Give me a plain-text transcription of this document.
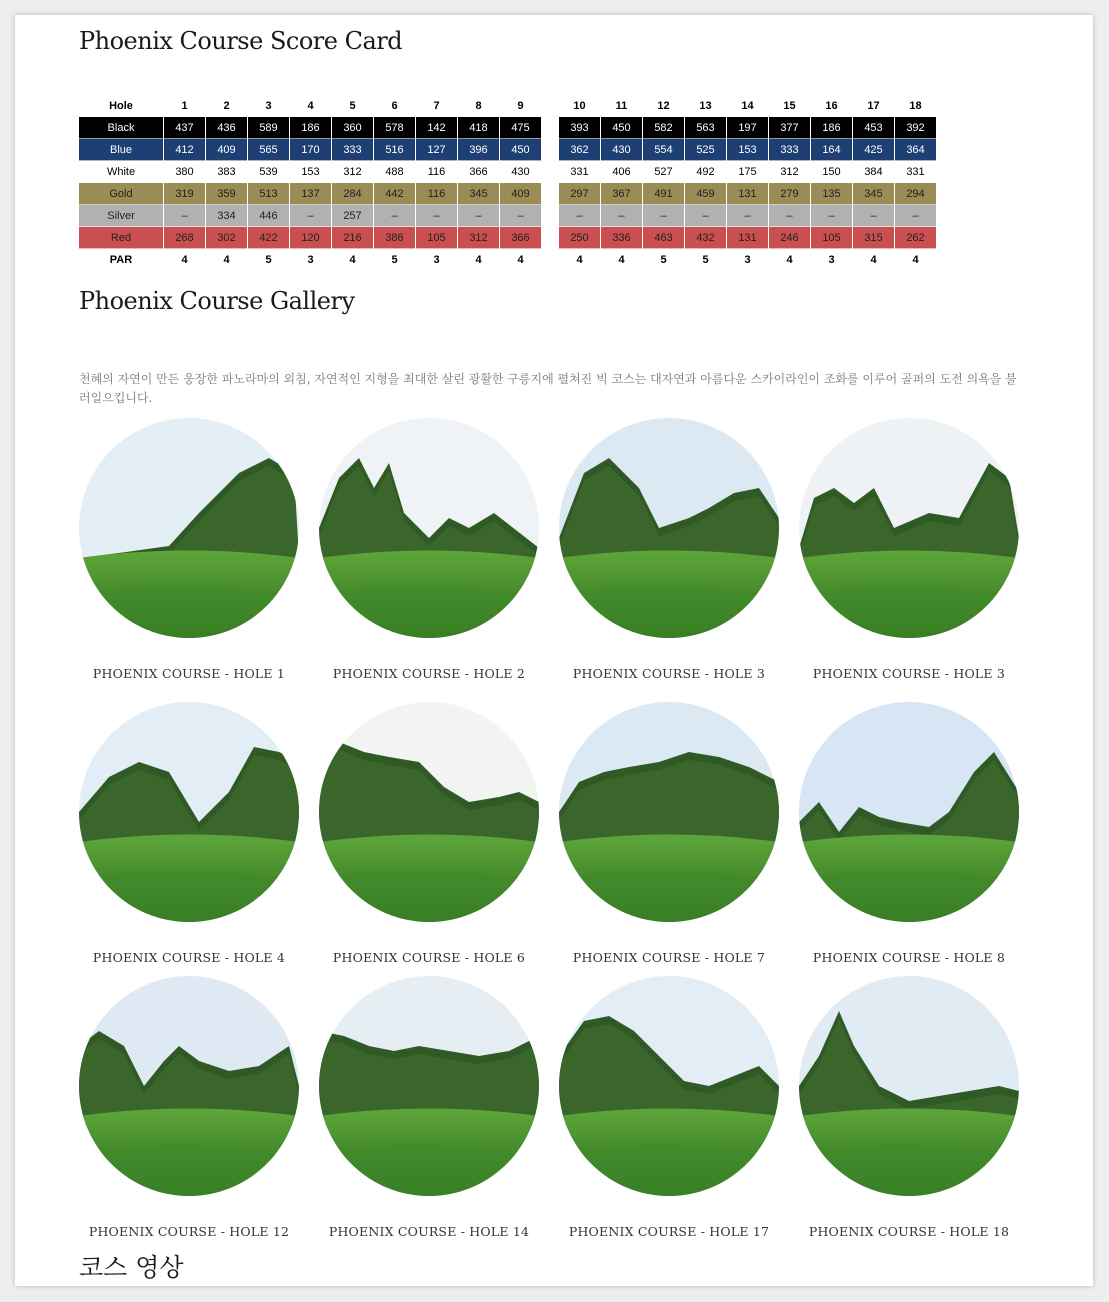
Phoenix Course Score Card
Hole	1	2	3	4	5	6	7	8	9		10	11	12	13	14	15	16	17	18
Black	437	436	589	186	360	578	142	418	475		393	450	582	563	197	377	186	453	392
Blue	412	409	565	170	333	516	127	396	450		362	430	554	525	153	333	164	425	364
White	380	383	539	153	312	488	116	366	430		331	406	527	492	175	312	150	384	331
Gold	319	359	513	137	284	442	116	345	409		297	367	491	459	131	279	135	345	294
Silver	–	334	446	–	257	–	–	–	–		–	–	–	–	–	–	–	–	–
Red	268	302	422	120	216	386	105	312	366		250	336	463	432	131	246	105	315	262
PAR	4	4	5	3	4	5	3	4	4		4	4	5	5	3	4	3	4	4
Phoenix Course Gallery

천혜의 자연이 만든 웅장한 파노라마의 외침, 자연적인 지형을 최대한 살린 광활한 구릉지에 펼쳐진 빅 코스는 대자연과 아름다운 스카이라인이 조화를 이루어 골퍼의 도전 의욕을 불러일으킵니다.

PHOENIX COURSE - HOLE 1	PHOENIX COURSE - HOLE 2	PHOENIX COURSE - HOLE 3	PHOENIX COURSE - HOLE 3
PHOENIX COURSE - HOLE 4	PHOENIX COURSE - HOLE 6	PHOENIX COURSE - HOLE 7	PHOENIX COURSE - HOLE 8
PHOENIX COURSE - HOLE 12	PHOENIX COURSE - HOLE 14	PHOENIX COURSE - HOLE 17	PHOENIX COURSE - HOLE 18
코스 영상
